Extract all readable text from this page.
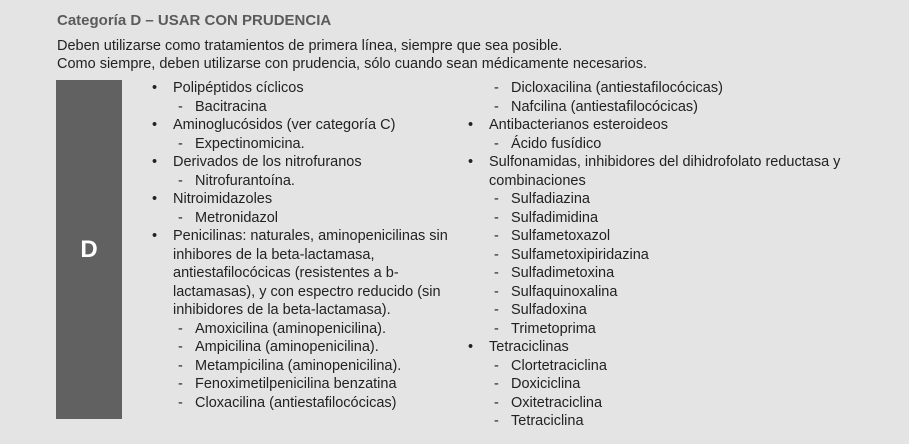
Categoría D – USAR CON PRUDENCIA
Deben utilizarse como tratamientos de primera línea, siempre que sea posible.
Como siempre, deben utilizarse con prudencia, sólo cuando sean médicamente necesarios.
D
• Polipéptidos cíclicos
- Bacitracina
• Aminoglucósidos (ver categoría C)
- Expectinomicina.
• Derivados de los nitrofuranos
- Nitrofurantoína.
• Nitroimidazoles
- Metronidazol
• Penicilinas: naturales, aminopenicilinas sin inhibores de la beta-lactamasa, antiestafilocócicas (resistentes a b-lactamasas), y con espectro reducido (sin inhibidores de la beta-lactamasa).
- Amoxicilina (aminopenicilina).
- Ampicilina (aminopenicilina).
- Metampicilina (aminopenicilina).
- Fenoximetilpenicilina benzatina
- Cloxacilina (antiestafilocócicas)
- Dicloxacilina (antiestafilocócicas)
- Nafcilina (antiestafilocócicas)
• Antibacterianos esteroideos
- Ácido fusídico
• Sulfonamidas, inhibidores del dihidrofolato reductasa y combinaciones
- Sulfadiazina
- Sulfadimidina
- Sulfametoxazol
- Sulfametoxipiridazina
- Sulfadimetoxina
- Sulfaquinoxalina
- Sulfadoxina
- Trimetoprima
• Tetraciclinas
- Clortetraciclina
- Doxiciclina
- Oxitetraciclina
- Tetraciclina
